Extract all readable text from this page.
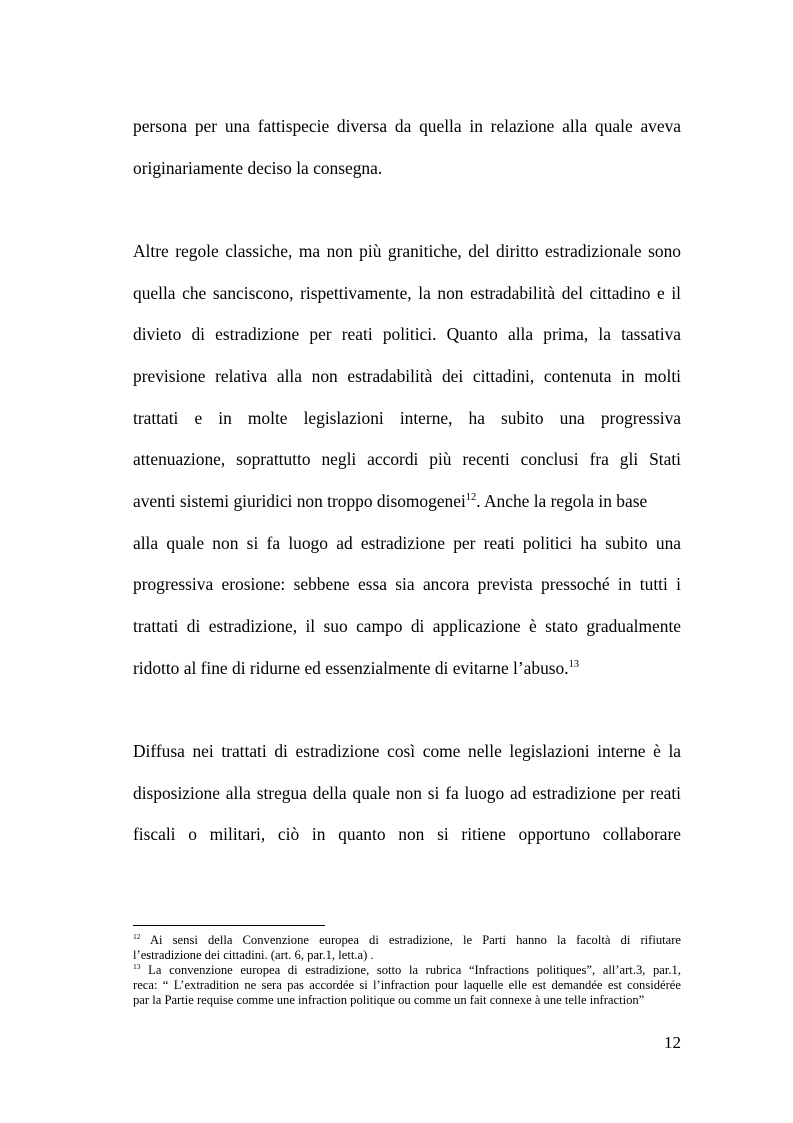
persona per una fattispecie diversa da quella in relazione alla quale aveva
originariamente deciso la consegna.
Altre regole classiche, ma non più granitiche, del diritto estradizionale sono
quella che sanciscono, rispettivamente, la non estradabilità del cittadino e il
divieto di estradizione per reati politici. Quanto alla prima, la tassativa
previsione relativa alla non estradabilità dei cittadini, contenuta in molti
trattati e in molte legislazioni interne, ha subito una progressiva
attenuazione, soprattutto negli accordi più recenti conclusi fra gli Stati
aventi sistemi giuridici non troppo disomogenei$^{12}$. Anche la regola in base
alla quale non si fa luogo ad estradizione per reati politici ha subito una
progressiva erosione: sebbene essa sia ancora prevista pressoché in tutti i
trattati di estradizione, il suo campo di applicazione è stato gradualmente
ridotto al fine di ridurne ed essenzialmente di evitarne l’abuso.$^{13}$
Diffusa nei trattati di estradizione così come nelle legislazioni interne è la
disposizione alla stregua della quale non si fa luogo ad estradizione per reati
fiscali o militari, ciò in quanto non si ritiene opportuno collaborare
$^{12}$ Ai sensi della Convenzione europea di estradizione, le Parti hanno la facoltà di rifiutare
l’estradizione dei cittadini. (art. 6, par.1, lett.a) .
$^{13}$ La convenzione europea di estradizione, sotto la rubrica “Infractions politiques”, all’art.3, par.1,
reca: “ L’extradition ne sera pas accordée si l’infraction pour laquelle elle est demandée est considérée
par la Partie requise comme une infraction politique ou comme un fait connexe à une telle infraction”
12
